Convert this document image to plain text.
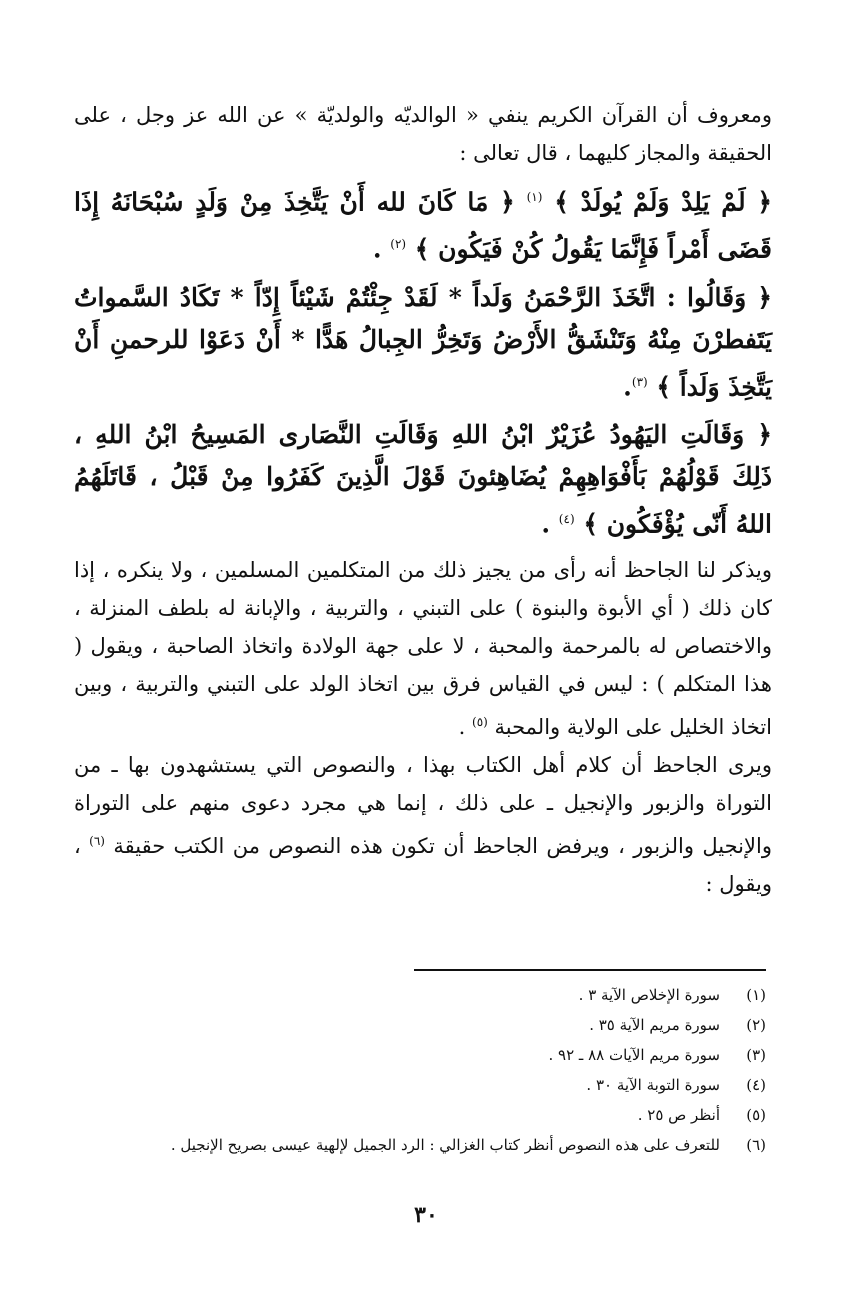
ومعروف أن القرآن الكريم ينفي « الوالديّه والولديّة » عن الله عز وجل ، على الحقيقة والمجاز كليهما ، قال تعالى :

﴿ لَمْ يَلِدْ وَلَمْ يُولَدْ ﴾ $^{(١)}$ ﴿ مَا كَانَ لله أَنْ يَتَّخِذَ مِنْ وَلَدٍ سُبْحَانَهُ إِذَا قَضَى أَمْراً فَإِنَّمَا يَقُولُ كُنْ فَيَكُون ﴾ $^{(٢)}$ .

﴿ وَقَالُوا : اتَّخَذَ الرَّحْمَنُ وَلَداً * لَقَدْ جِئْتُمْ شَيْئاً إِدّاً * تَكَادُ السَّمواتُ يَتَفطرْنَ مِنْهُ وَتَنْشَقُّ الأَرْضُ وَتَخِرُّ الجِبالُ هَدًّا * أَنْ دَعَوْا للرحمنِ أَنْ يَتَّخِذَ وَلَداً ﴾ $^{(٣)}$.

﴿ وَقَالَتِ اليَهُودُ عُزَيْرٌ ابْنُ اللهِ وَقَالَتِ النَّصَارى المَسِيحُ ابْنُ اللهِ ، ذَلِكَ قَوْلُهُمْ بَأَفْوَاهِهِمْ يُضَاهِئونَ قَوْلَ الَّذِينَ كَفَرُوا مِنْ قَبْلُ ، قَاتَلَهُمُ اللهُ أَنّى يُؤْفَكُون ﴾ $^{(٤)}$ .

ويذكر لنا الجاحظ أنه رأى من يجيز ذلك من المتكلمين المسلمين ، ولا ينكره ، إذا كان ذلك ( أي الأبوة والبنوة ) على التبني ، والتربية ، والإبانة له بلطف المنزلة ، والاختصاص له بالمرحمة والمحبة ، لا على جهة الولادة واتخاذ الصاحبة ، ويقول ( هذا المتكلم ) : ليس في القياس فرق بين اتخاذ الولد على التبني والتربية ، وبين اتخاذ الخليل على الولاية والمحبة $^{(٥)}$ .

ويرى الجاحظ أن كلام أهل الكتاب بهذا ، والنصوص التي يستشهدون بها ـ من التوراة والزبور والإنجيل ـ على ذلك ، إنما هي مجرد دعوى منهم على التوراة والإنجيل والزبور ، ويرفض الجاحظ أن تكون هذه النصوص من الكتب حقيقة $^{(٦)}$ ، ويقول :

(١)
سورة الإخلاص الآية ٣ .
(٢)
سورة مريم الآية ٣٥ .
(٣)
سورة مريم الآيات ٨٨ ـ ٩٢ .
(٤)
سورة التوبة الآية ٣٠ .
(٥)
أنظر ص ٢٥ .
(٦)
للتعرف على هذه النصوص أنظر كتاب الغزالي : الرد الجميل لإلهية عيسى بصريح الإنجيل .
٣٠
